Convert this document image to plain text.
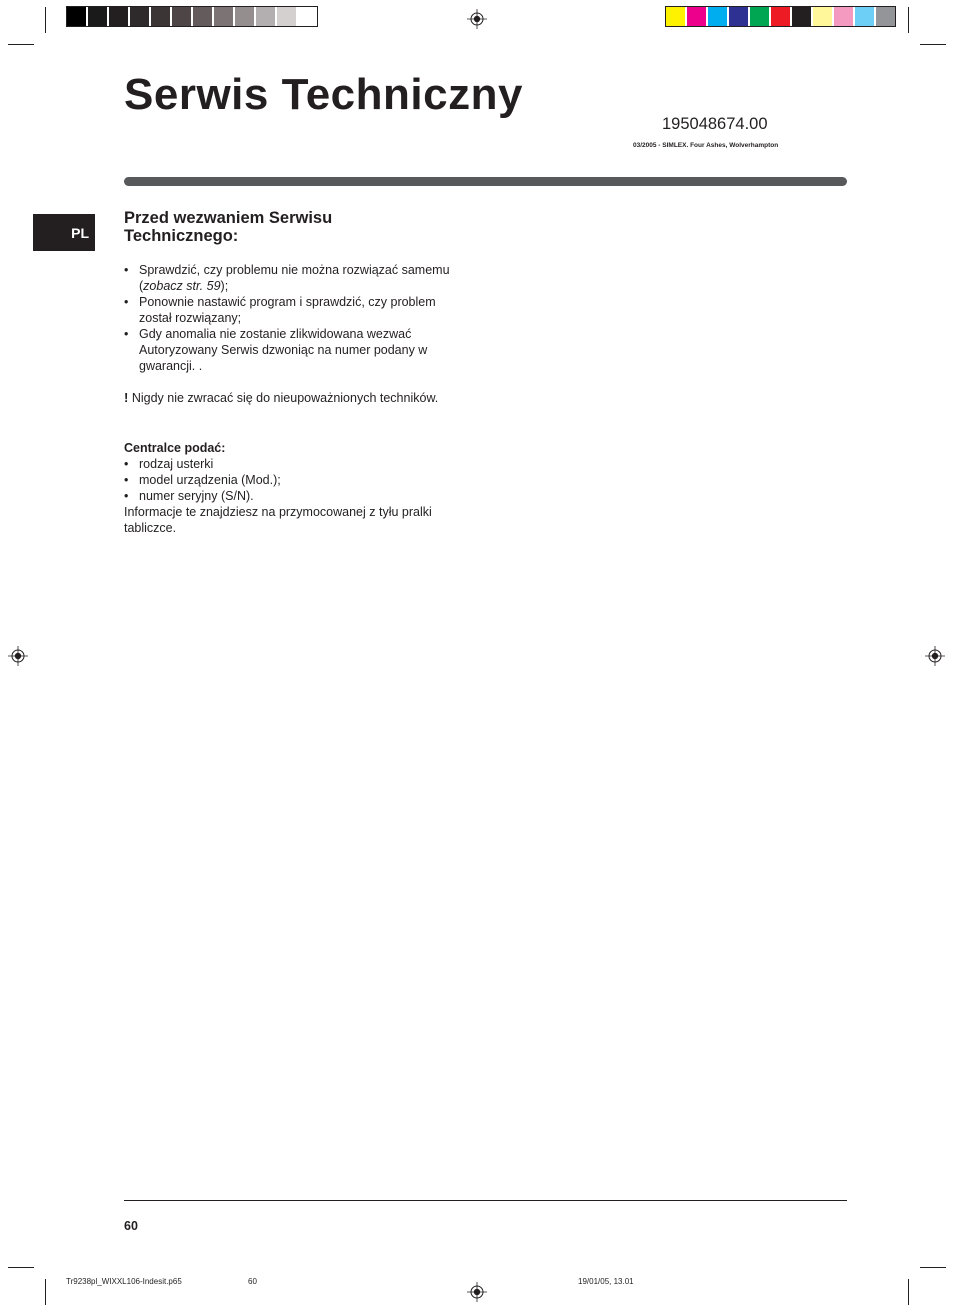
Serwis Techniczny
195048674.00
03/2005 - SIMLEX. Four Ashes, Wolverhampton
PL
Przed wezwaniem Serwisu Technicznego:
• Sprawdzić, czy problemu nie można rozwiązać samemu (zobacz str. 59);
• Ponownie nastawić program i sprawdzić, czy problem został rozwiązany;
• Gdy anomalia nie zostanie zlikwidowana wezwać Autoryzowany Serwis dzwoniąc na numer podany w gwarancji. .
! Nigdy nie zwracać się do nieupoważnionych techników.
Centralce podać:
• rodzaj usterki
• model urządzenia (Mod.);
• numer seryjny (S/N).
Informacje te znajdziesz na przymocowanej z tyłu pralki tabliczce.
60
Tr9238pl_WIXXL106-Indesit.p65	60	19/01/05, 13.01
